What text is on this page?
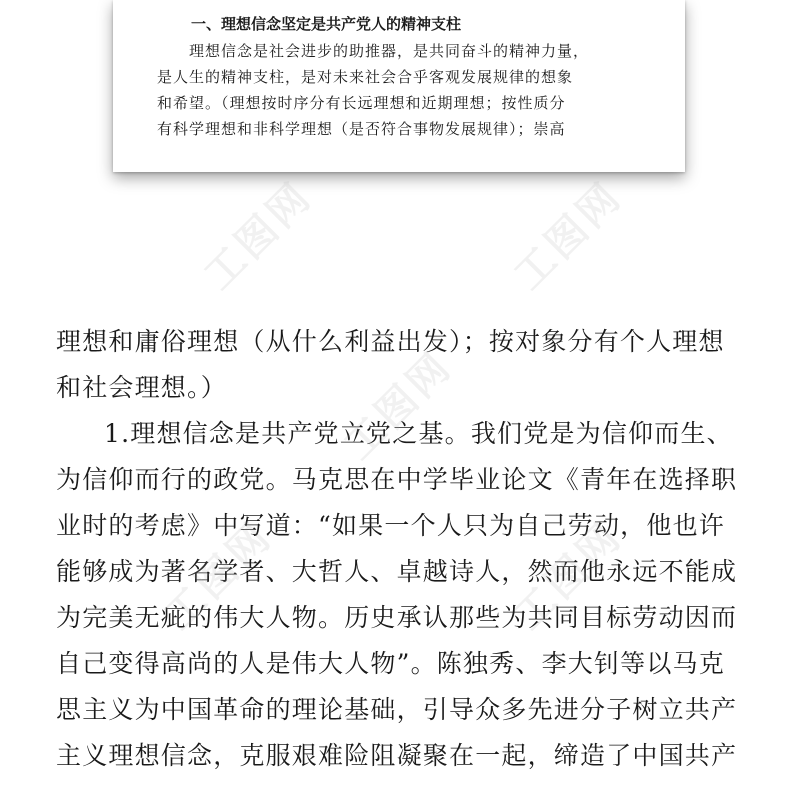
一、理想信念坚定是共产党人的精神支柱

理想信念是社会进步的助推器，是共同奋斗的精神力量，

是人生的精神支柱，是对未来社会合乎客观发展规律的想象

和希望。（理想按时序分有长远理想和近期理想；按性质分

有科学理想和非科学理想（是否符合事物发展规律）；崇高

理想和庸俗理想（从什么利益出发）；按对象分有个人理想

和社会理想。）

1.理想信念是共产党立党之基。我们党是为信仰而生、

为信仰而行的政党。马克思在中学毕业论文《青年在选择职

业时的考虑》中写道：“如果一个人只为自己劳动，他也许

能够成为著名学者、大哲人、卓越诗人，然而他永远不能成

为完美无疵的伟大人物。历史承认那些为共同目标劳动因而

自己变得高尚的人是伟大人物”。陈独秀、李大钊等以马克

思主义为中国革命的理论基础，引导众多先进分子树立共产

主义理想信念，克服艰难险阻凝聚在一起，缔造了中国共产

工图网	工图网
工图网
工图网	工图网
